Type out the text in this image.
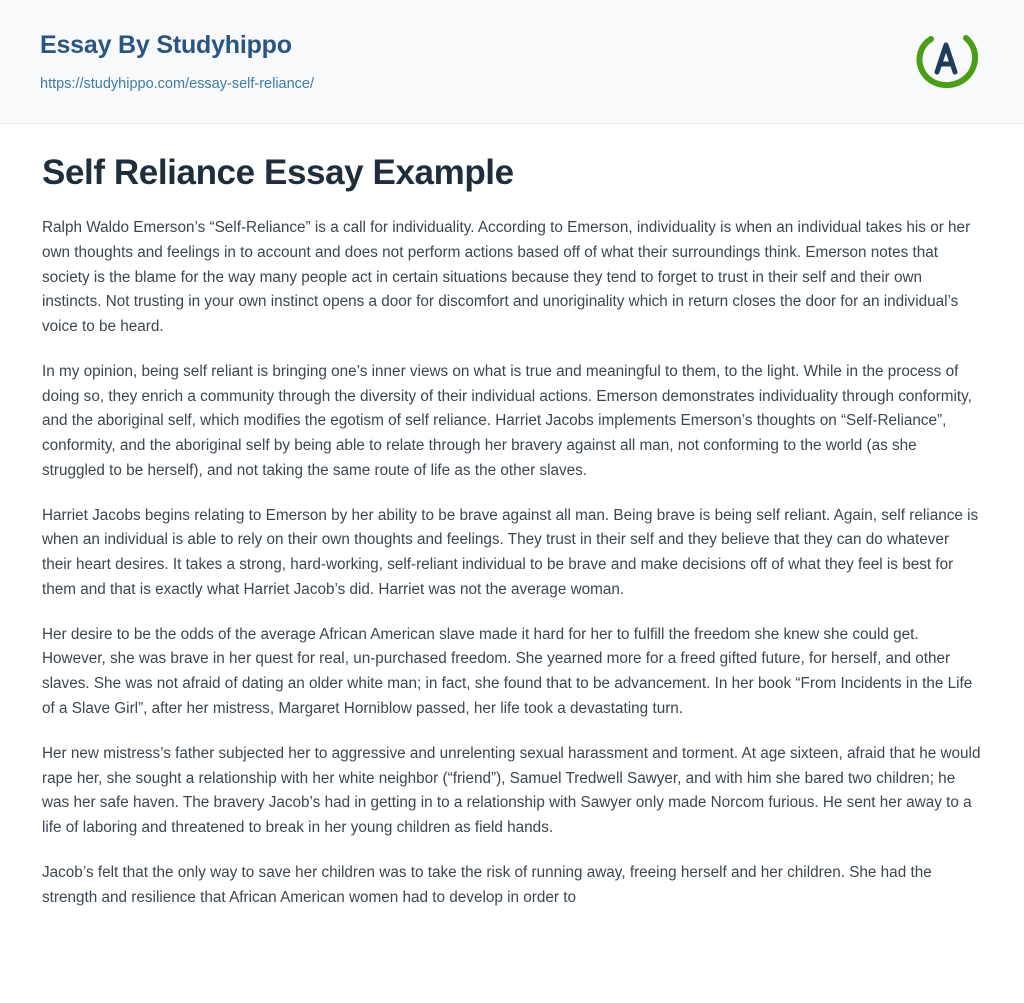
Essay By Studyhippo
https://studyhippo.com/essay-self-reliance/
Self Reliance Essay Example

Ralph Waldo Emerson’s “Self-Reliance” is a call for individuality. According to Emerson, individuality is when an individual takes his or her own thoughts and feelings in to account and does not perform actions based off of what their surroundings think. Emerson notes that society is the blame for the way many people act in certain situations because they tend to forget to trust in their self and their own instincts. Not trusting in your own instinct opens a door for discomfort and unoriginality which in return closes the door for an individual’s voice to be heard.

In my opinion, being self reliant is bringing one’s inner views on what is true and meaningful to them, to the light. While in the process of doing so, they enrich a community through the diversity of their individual actions. Emerson demonstrates individuality through conformity, and the aboriginal self, which modifies the egotism of self reliance. Harriet Jacobs implements Emerson’s thoughts on “Self-Reliance”, conformity, and the aboriginal self by being able to relate through her bravery against all man, not conforming to the world (as she struggled to be herself), and not taking the same route of life as the other slaves.

Harriet Jacobs begins relating to Emerson by her ability to be brave against all man. Being brave is being self reliant. Again, self reliance is when an individual is able to rely on their own thoughts and feelings. They trust in their self and they believe that they can do whatever their heart desires. It takes a strong, hard-working, self-reliant individual to be brave and make decisions off of what they feel is best for them and that is exactly what Harriet Jacob’s did. Harriet was not the average woman.

Her desire to be the odds of the average African American slave made it hard for her to fulfill the freedom she knew she could get. However, she was brave in her quest for real, un-purchased freedom. She yearned more for a freed gifted future, for herself, and other slaves. She was not afraid of dating an older white man; in fact, she found that to be advancement. In her book “From Incidents in the Life of a Slave Girl”, after her mistress, Margaret Horniblow passed, her life took a devastating turn.

Her new mistress’s father subjected her to aggressive and unrelenting sexual harassment and torment. At age sixteen, afraid that he would rape her, she sought a relationship with her white neighbor (“friend”), Samuel Tredwell Sawyer, and with him she bared two children; he was her safe haven. The bravery Jacob’s had in getting in to a relationship with Sawyer only made Norcom furious. He sent her away to a life of laboring and threatened to break in her young children as field hands.

Jacob’s felt that the only way to save her children was to take the risk of running away, freeing herself and her children. She had the strength and resilience that African American women had to develop in order to
